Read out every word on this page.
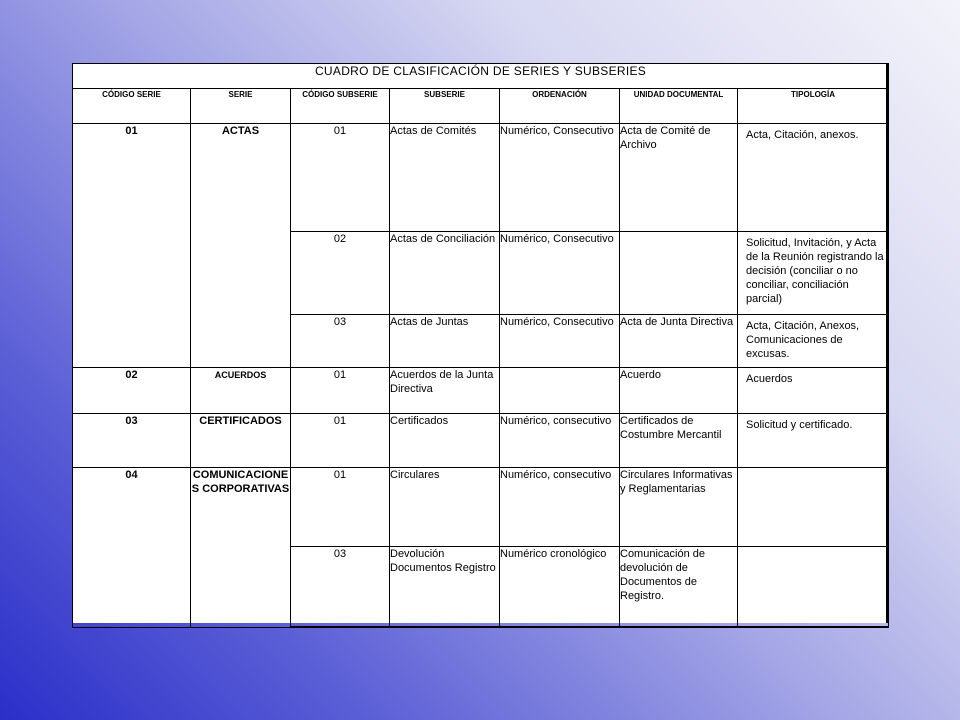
CUADRO DE CLASIFICACIÓN DE SERIES Y SUBSERIES						
CÓDIGO SERIE	SERIE	CÓDIGO SUBSERIE	SUBSERIE	ORDENACIÓN	UNIDAD DOCUMENTAL	TIPOLOGÍA
01	ACTAS	01	Actas de Comités	Numérico, Consecutivo	Acta de Comité de Archivo	Acta, Citación, anexos.
		02	Actas de Conciliación	Numérico, Consecutivo		Solicitud, Invitación, y Acta de la Reunión registrando la decisión (conciliar o no conciliar, conciliación parcial)
		03	Actas de Juntas	Numérico, Consecutivo	Acta de Junta Directiva	Acta, Citación, Anexos, Comunicaciones de excusas.
02	ACUERDOS	01	Acuerdos de la Junta Directiva		Acuerdo	Acuerdos
03	CERTIFICADOS	01	Certificados	Numérico, consecutivo	Certificados de Costumbre Mercantil	Solicitud y certificado.
04	COMUNICACIONES CORPORATIVAS	01	Circulares	Numérico, consecutivo	Circulares Informativas y Reglamentarias	
		03	Devolución Documentos Registro	Numérico cronológico	Comunicación de devolución de Documentos de Registro.	
